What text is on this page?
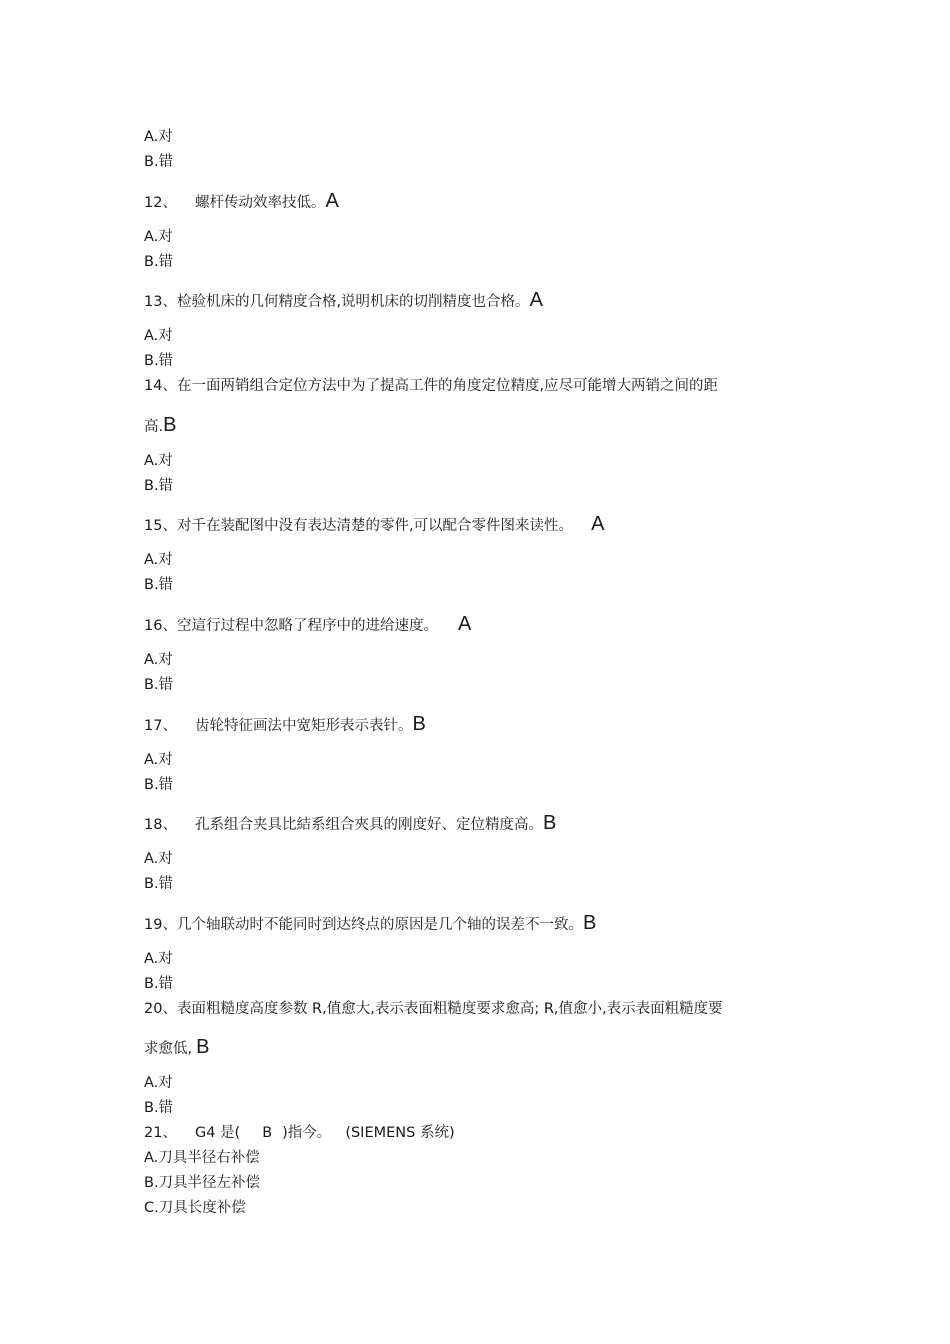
A.对
B.错
12、 螺杆传动效率技低。A
A.对
B.错
13、检验机床的几何精度合格,说明机床的切削精度也合格。A
A.对
B.错
14、在一面两销组合定位方法中为了提高工件的角度定位精度,应尽可能增大两销之间的距
高.B
A.对
B.错
15、对千在装配图中没有表达清楚的零件,可以配合零件图来读性。 A
A.对
B.错
16、空這行过程中忽略了程序中的进给速度。 A
A.对
B.错
17、 齿轮特征画法中宽矩形表示表针。B
A.对
B.错
18、 孔系组合夹具比結系组合夾具的刚度好、定位精度高。B
A.对
B.错
19、几个轴联动时不能同时到达终点的原因是几个轴的误差不一致。B
A.对
B.错
20、表面粗糙度高度参数 R,值愈大,表示表面粗糙度要求愈高; R,值愈小,表示表面粗糙度要
求愈低, B
A.对
B.错
21、 G4 是( B )指今。 (SIEMENS 系统)
A.刀具半径右补偿
B.刀具半径左补偿
C.刀具长度补偿
